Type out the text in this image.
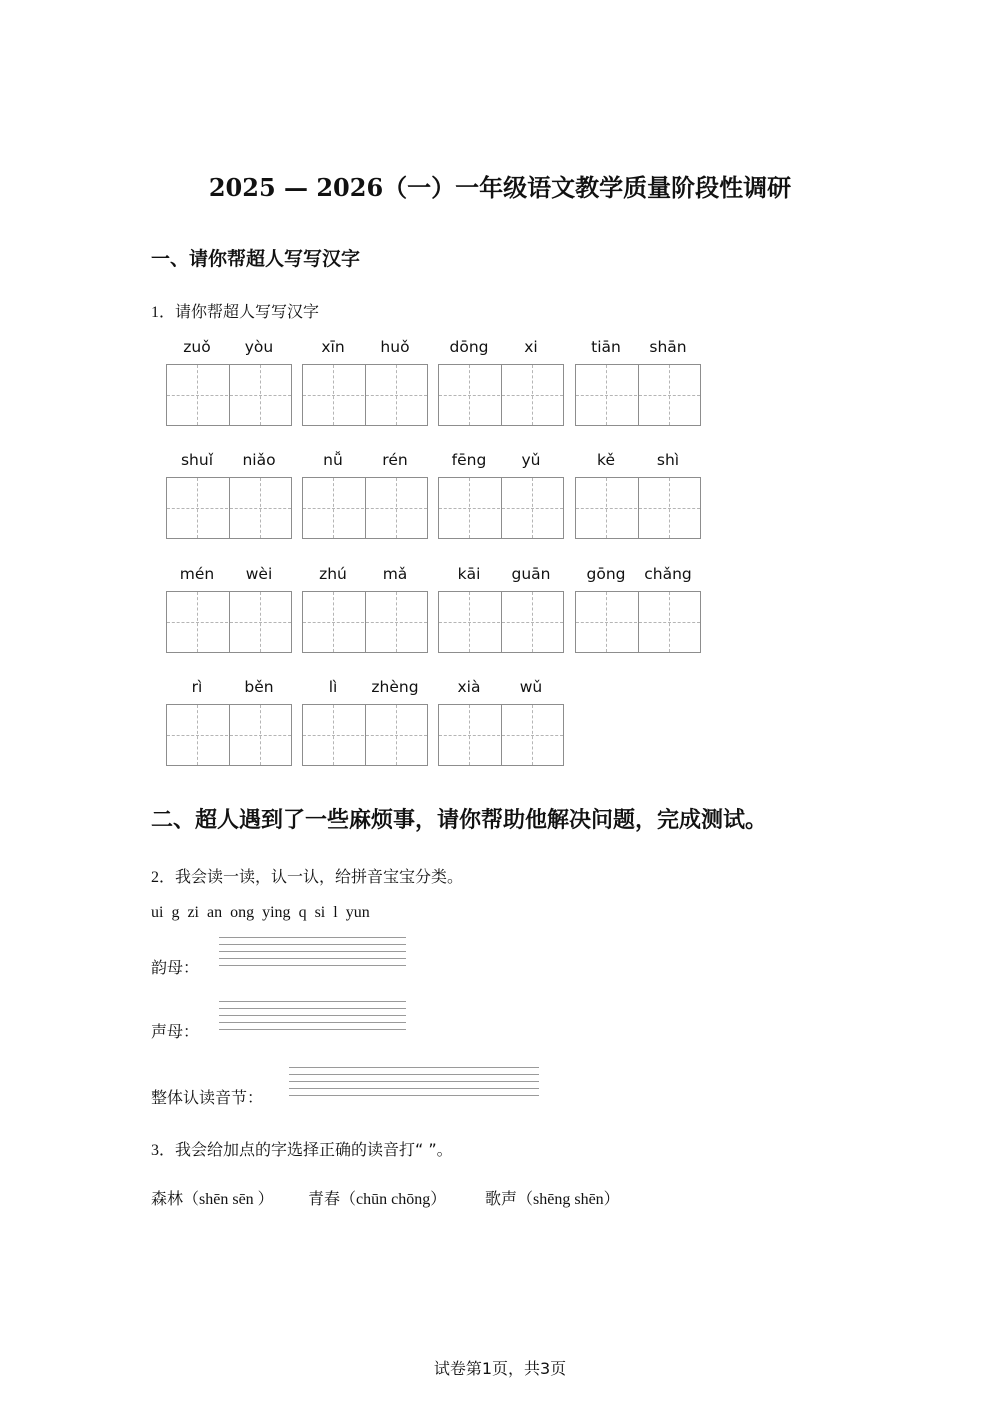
2025 — 2026（一）一年级语文教学质量阶段性调研
一、请你帮超人写写汉字
1．请你帮超人写写汉字
zuǒ	yòu	xīn	huǒ	dōng	xi	tiān	shān
shuǐ	niǎo	nǚ	rén	fēng	yǔ	kě	shì
mén	wèi	zhú	mǎ	kāi	guān	gōng	chǎng
rì	běn	lì	zhèng	xià	wǔ
二、超人遇到了一些麻烦事，请你帮助他解决问题，完成测试。
2．我会读一读，认一认，给拼音宝宝分类。
ui g zi an ong ying q si l yun
韵母：
声母：
整体认读音节：
3．我会给加点的字选择正确的读音打“ ”。
森林（shēn sēn ） 青春（chūn chōng） 歌声（shēng shēn）
试卷第1页，共3页
